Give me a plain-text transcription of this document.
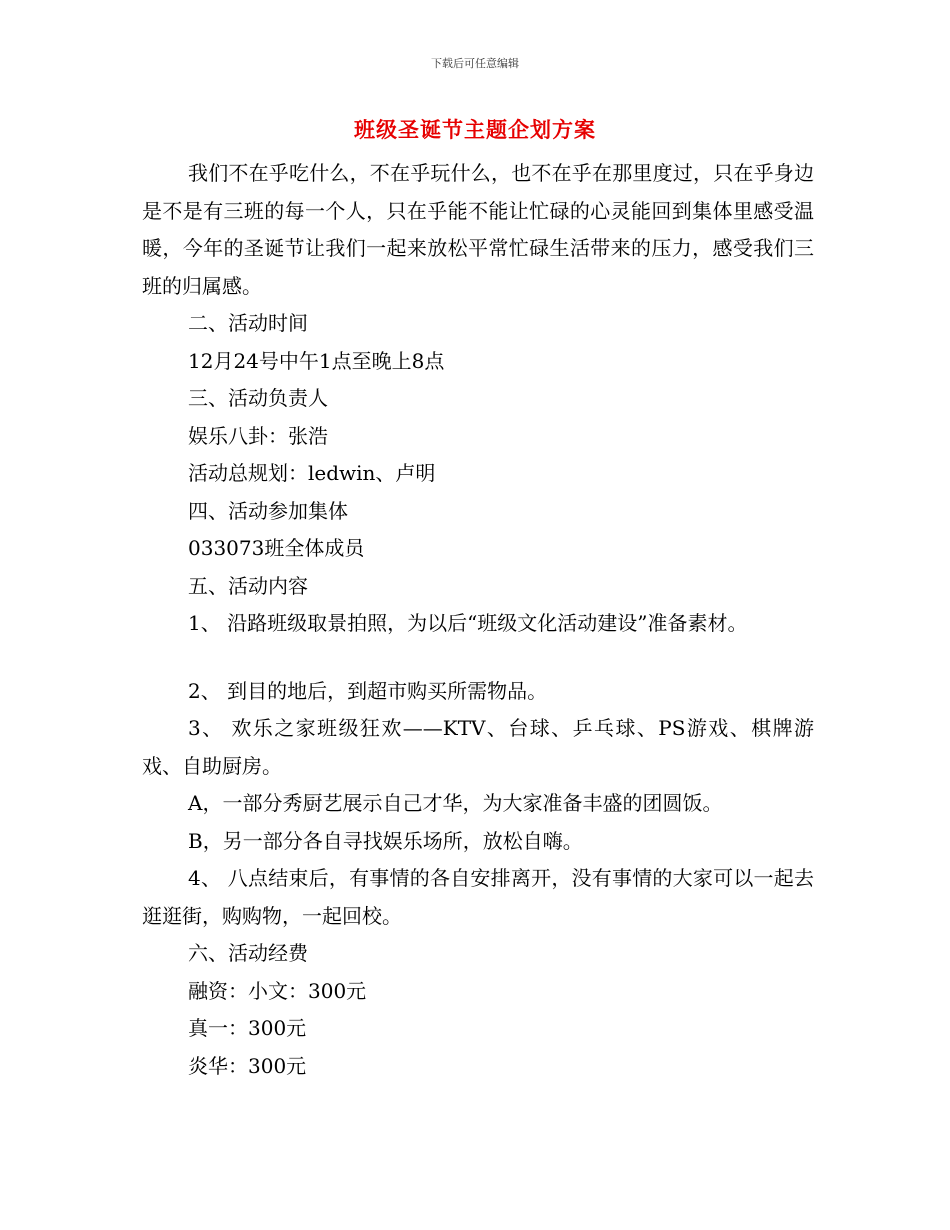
下载后可任意编辑
班级圣诞节主题企划方案

我们不在乎吃什么，不在乎玩什么，也不在乎在那里度过，只在乎身边是不是有三班的每一个人，只在乎能不能让忙碌的心灵能回到集体里感受温暖，今年的圣诞节让我们一起来放松平常忙碌生活带来的压力，感受我们三班的归属感。

二、活动时间

12月24号中午1点至晚上8点

三、活动负责人

娱乐八卦：张浩

活动总规划：ledwin、卢明

四、活动参加集体

033073班全体成员

五、活动内容

1、 沿路班级取景拍照，为以后“班级文化活动建设”准备素材。

2、 到目的地后，到超市购买所需物品。

3、 欢乐之家班级狂欢——KTV、台球、乒乓球、PS游戏、棋牌游戏、自助厨房。

A，一部分秀厨艺展示自己才华，为大家准备丰盛的团圆饭。

B，另一部分各自寻找娱乐场所，放松自嗨。

4、 八点结束后，有事情的各自安排离开，没有事情的大家可以一起去逛逛街，购购物，一起回校。

六、活动经费

融资：小文：300元

真一：300元

炎华：300元
